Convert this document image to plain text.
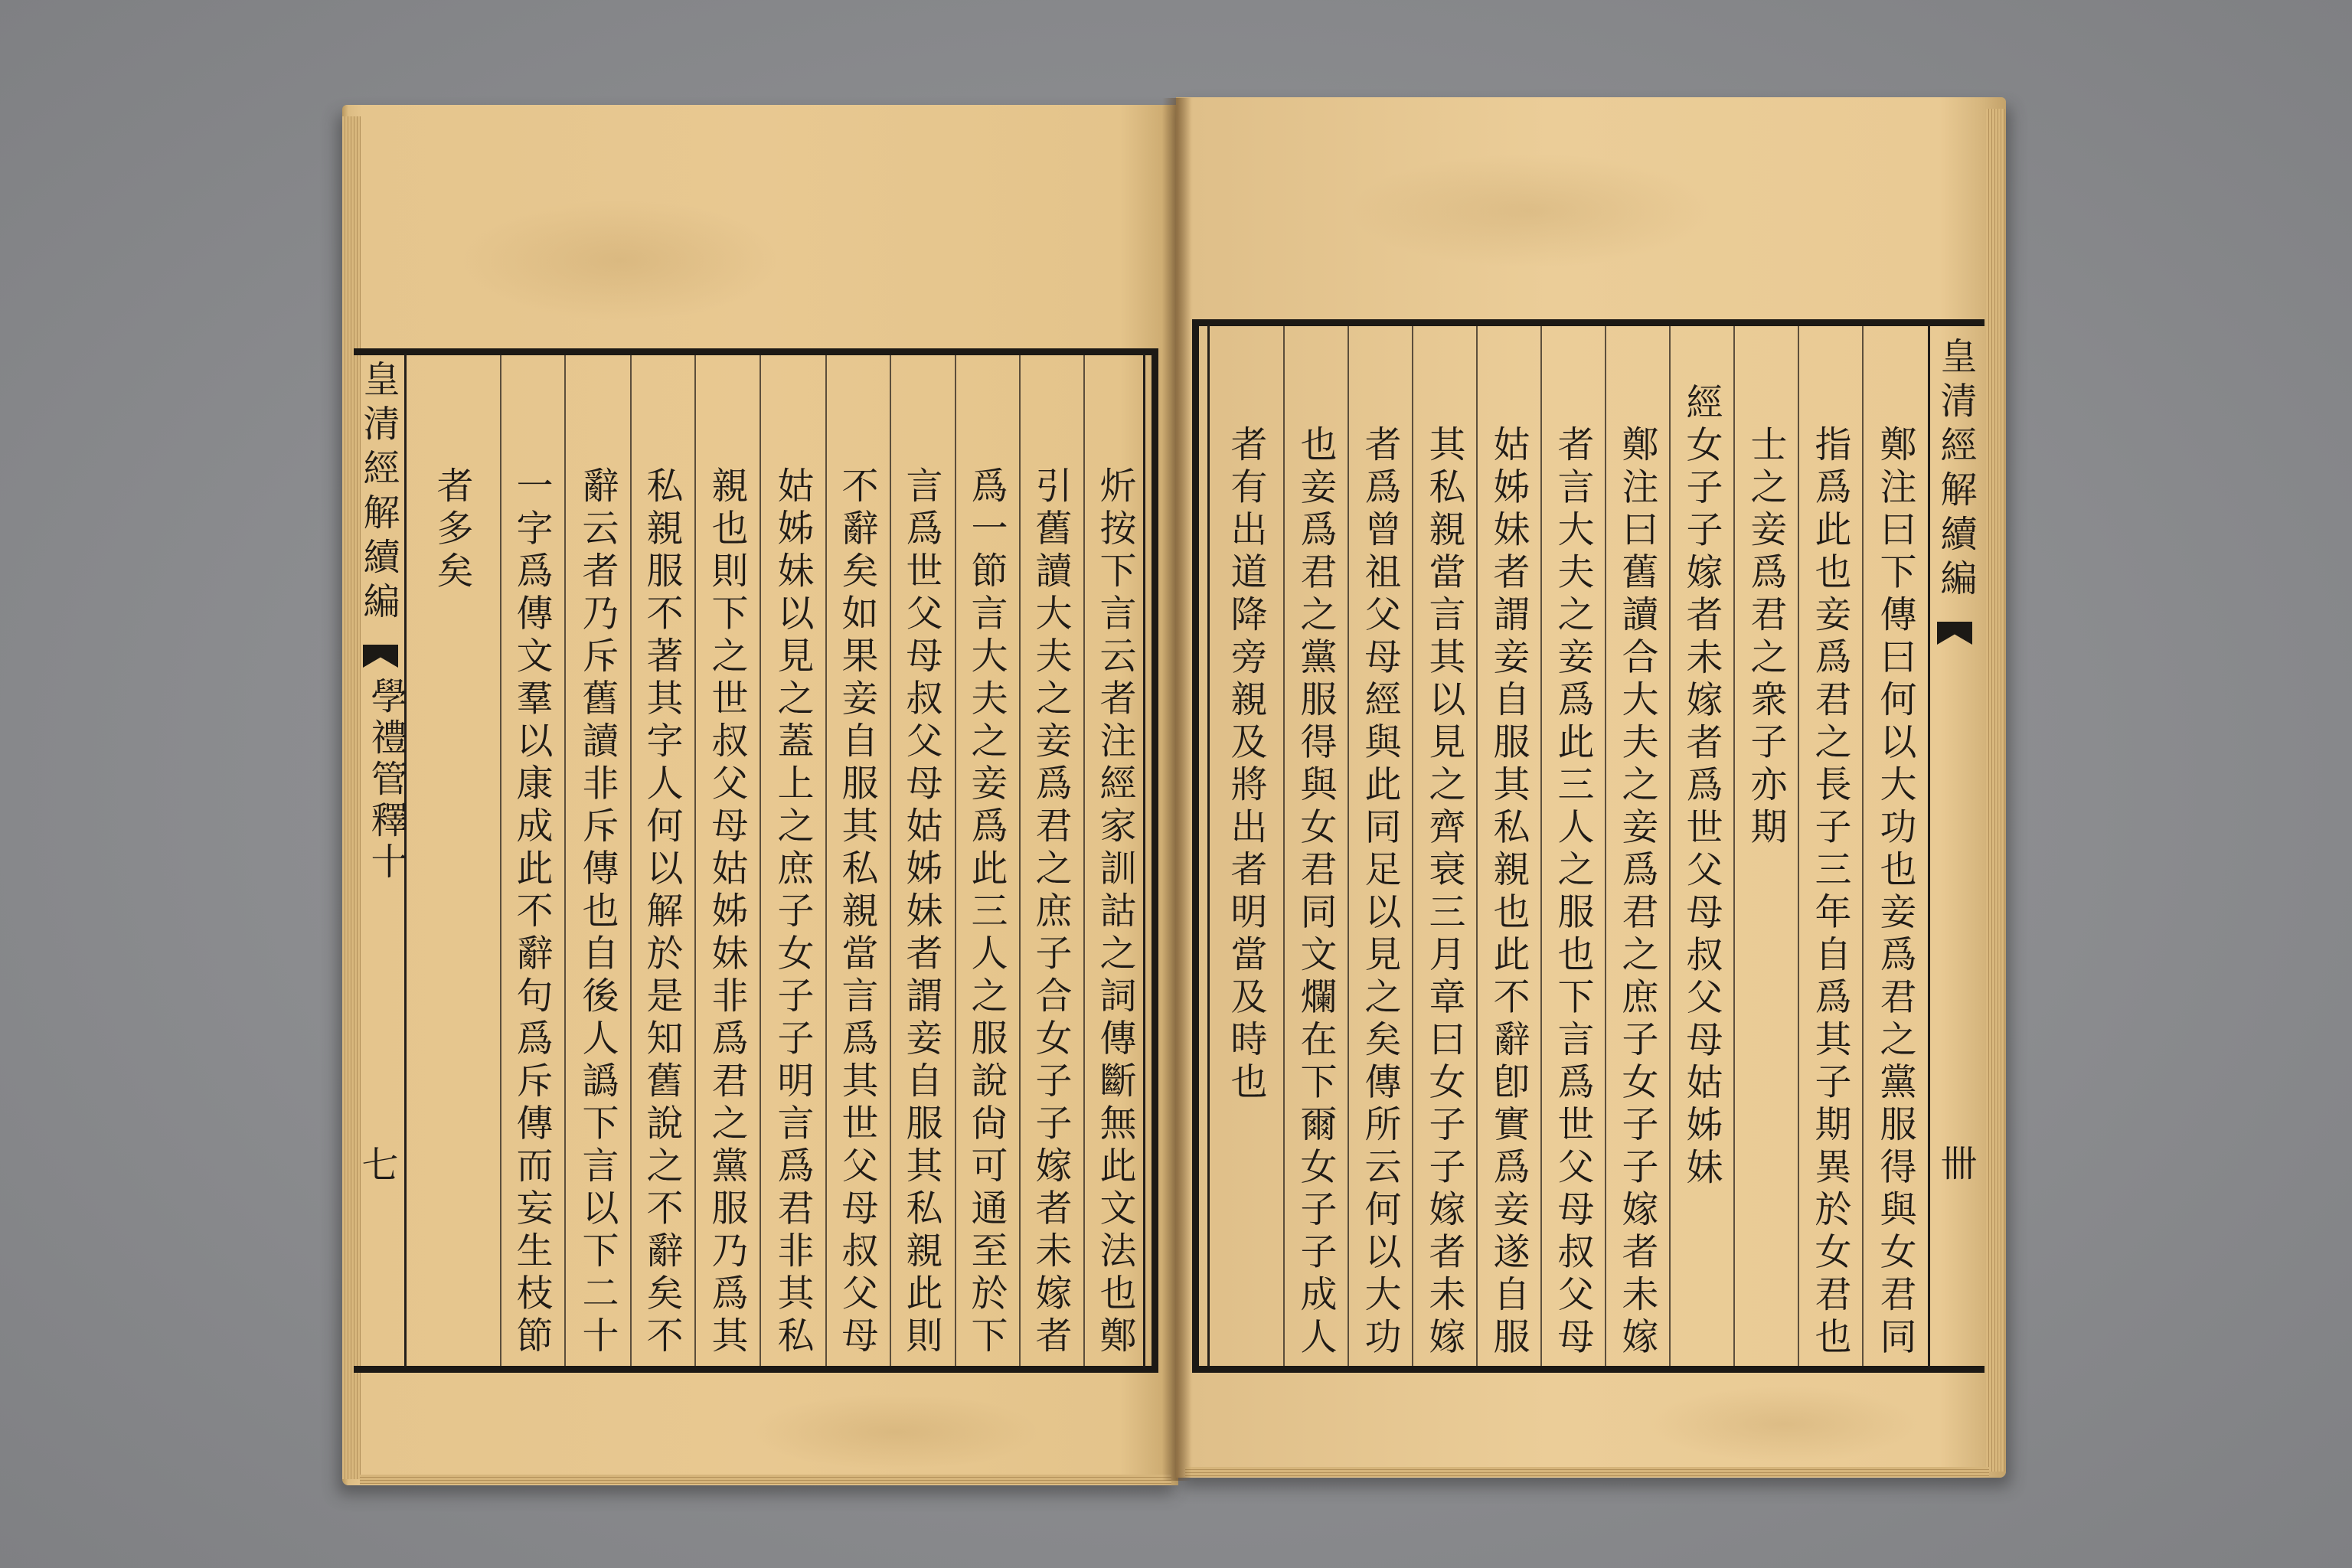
皇清經解續編
學禮管釋十
七	炘按下言云者注經家訓詁之詞傳斷無此文法也鄭
引舊讀大夫之妾爲君之庶子合女子子嫁者未嫁者
爲一節言大夫之妾爲此三人之服說尙可通至於下
言爲世父母叔父母姑姊妹者謂妾自服其私親此則
不辭矣如果妾自服其私親當言爲其世父母叔父母
姑姊妹以見之蓋上之庶子女子子明言爲君非其私
親也則下之世叔父母姑姊妹非爲君之黨服乃爲其
私親服不著其字人何以解於是知舊說之不辭矣不
辭云者乃斥舊讀非斥傳也自後人譌下言以下二十
一字爲傳文羣以康成此不辭句爲斥傳而妄生枝節
者多矣	皇清經解續編
卌
鄭注曰下傳曰何以大功也妾爲君之黨服得與女君同
指爲此也妾爲君之長子三年自爲其子期異於女君也
士之妾爲君之衆子亦期
經女子子嫁者未嫁者爲世父母叔父母姑姊妹
鄭注曰舊讀合大夫之妾爲君之庶子女子子嫁者未嫁
者言大夫之妾爲此三人之服也下言爲世父母叔父母
姑姊妹者謂妾自服其私親也此不辭卽實爲妾遂自服
其私親當言其以見之齊衰三月章曰女子子嫁者未嫁
者爲曾祖父母經與此同足以見之矣傳所云何以大功
也妾爲君之黨服得與女君同文爛在下爾女子子成人
者有出道降旁親及將出者明當及時也
